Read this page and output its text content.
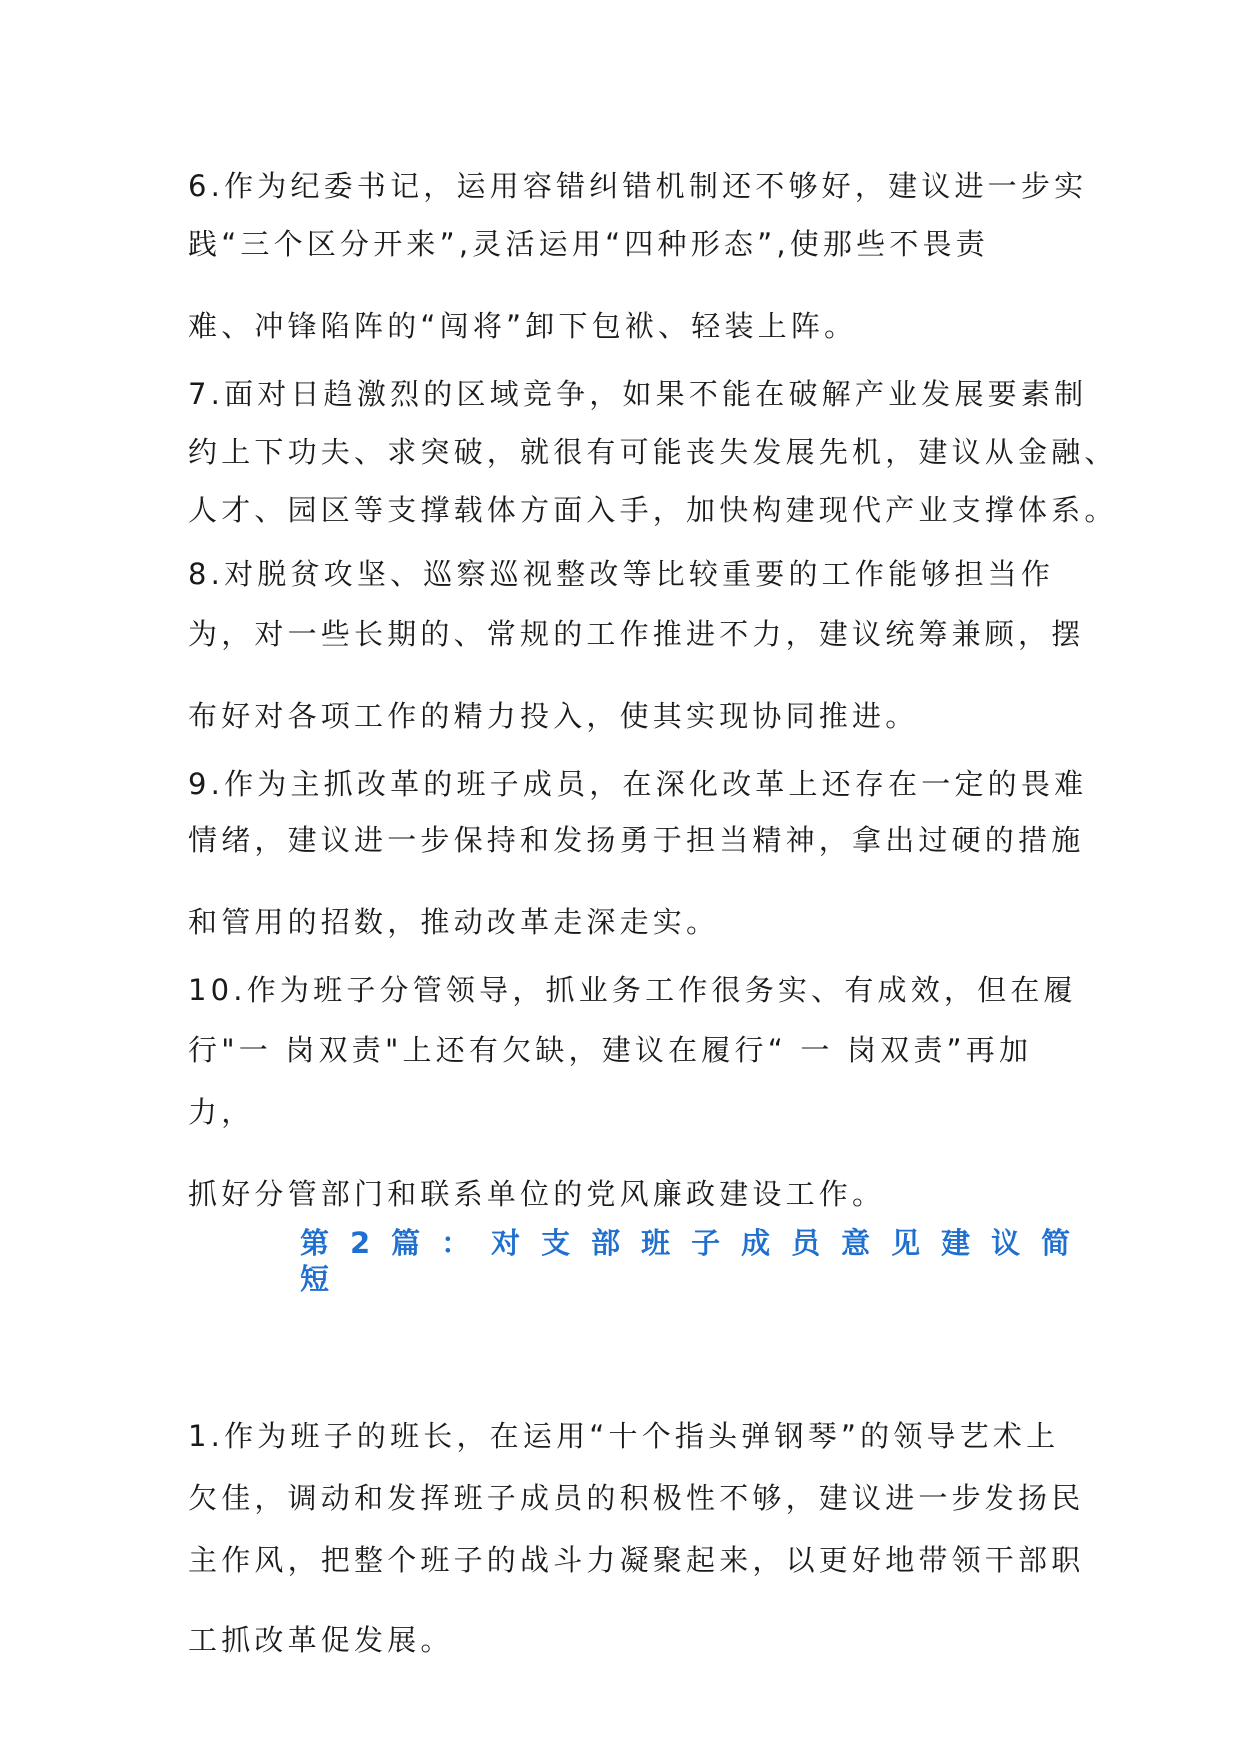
6.作为纪委书记，运用容错纠错机制还不够好，建议进一步实
践“三个区分开来”,灵活运用“四种形态”,使那些不畏责
难、冲锋陷阵的“闯将”卸下包袱、轻装上阵。
7.面对日趋激烈的区域竞争，如果不能在破解产业发展要素制
约上下功夫、求突破，就很有可能丧失发展先机，建议从金融、
人才、园区等支撑载体方面入手，加快构建现代产业支撑体系。
8.对脱贫攻坚、巡察巡视整改等比较重要的工作能够担当作
为，对一些长期的、常规的工作推进不力，建议统筹兼顾，摆
布好对各项工作的精力投入，使其实现协同推进。
9.作为主抓改革的班子成员，在深化改革上还存在一定的畏难
情绪，建议进一步保持和发扬勇于担当精神，拿出过硬的措施
和管用的招数，推动改革走深走实。
10.作为班子分管领导，抓业务工作很务实、有成效，但在履
行"一 岗双责"上还有欠缺，建议在履行“ 一 岗双责”再加
力，
抓好分管部门和联系单位的党风廉政建设工作。
第2篇：对支部班子成员意见建议简
短
1.作为班子的班长，在运用“十个指头弹钢琴”的领导艺术上
欠佳，调动和发挥班子成员的积极性不够，建议进一步发扬民
主作风，把整个班子的战斗力凝聚起来，以更好地带领干部职
工抓改革促发展。
